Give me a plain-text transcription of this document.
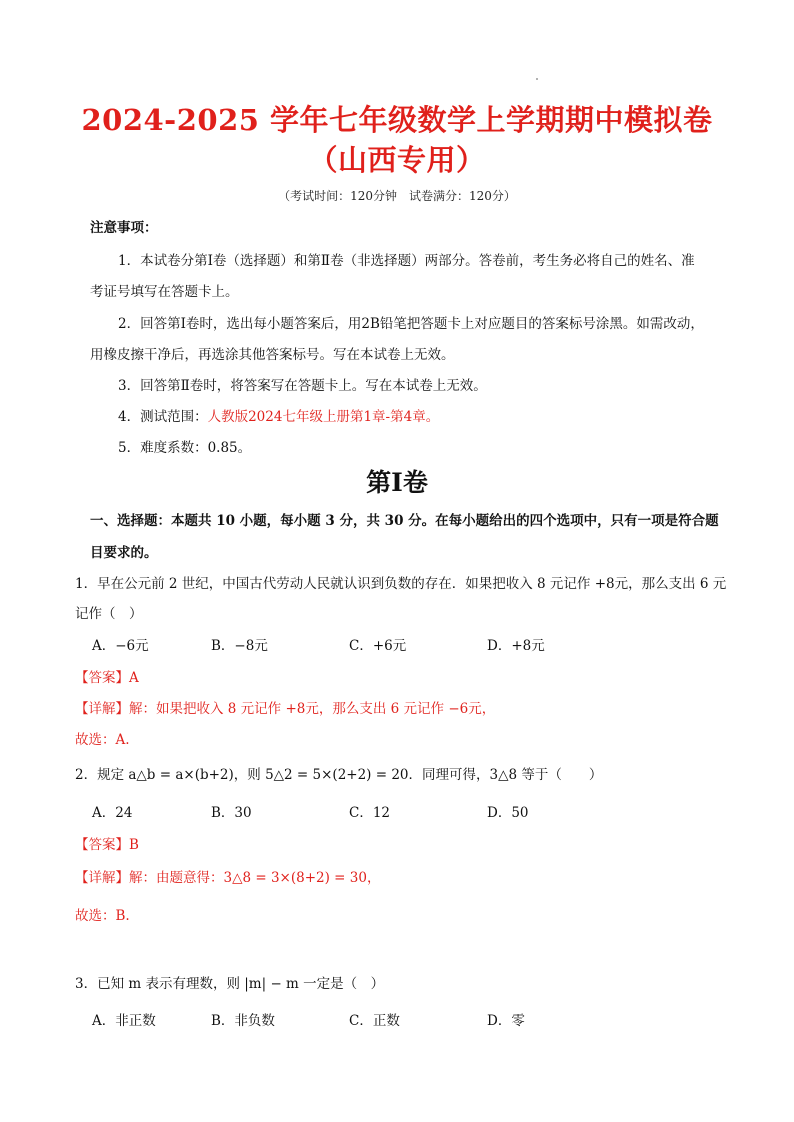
2024-2025 学年七年级数学上学期期中模拟卷
（山西专用）
（考试时间：120分钟　试卷满分：120分）
注意事项：
1．本试卷分第Ⅰ卷（选择题）和第Ⅱ卷（非选择题）两部分。答卷前，考生务必将自己的姓名、准
考证号填写在答题卡上。
2．回答第Ⅰ卷时，选出每小题答案后，用2B铅笔把答题卡上对应题目的答案标号涂黑。如需改动，
用橡皮擦干净后，再选涂其他答案标号。写在本试卷上无效。
3．回答第Ⅱ卷时，将答案写在答题卡上。写在本试卷上无效。
4．测试范围：人教版2024七年级上册第1章-第4章。
5．难度系数：0.85。
第Ⅰ卷
一、选择题：本题共 10 小题，每小题 3 分，共 30 分。在每小题给出的四个选项中，只有一项是符合题
目要求的。
1．早在公元前 2 世纪，中国古代劳动人民就认识到负数的存在．如果把收入 8 元记作 +8元，那么支出 6 元
记作（　）
A．−6元	B．−8元	C．+6元	D．+8元
【答案】A
【详解】解：如果把收入 8 元记作 +8元，那么支出 6 元记作 −6元，
故选：A.
2．规定 a△b = a×(b+2)，则 5△2 = 5×(2+2) = 20．同理可得，3△8 等于（　　）
A．24	B．30	C．12	D．50
【答案】B
【详解】解：由题意得：3△8 = 3×(8+2) = 30，
故选：B.
3．已知 m 表示有理数，则 |m| − m 一定是（　）
A．非正数	B．非负数	C．正数	D．零
